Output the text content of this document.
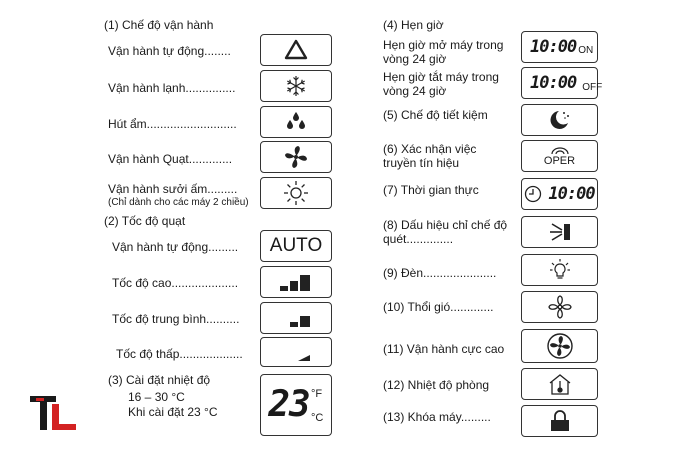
(1) Chế độ vận hành
Vận hành tự động........
Vận hành lạnh...............
Hút ẩm...........................
Vận hành Quạt.............
Vận hành sưởi ấm.........
(Chỉ dành cho các máy 2 chiều)
(2) Tốc độ quạt
Vận hành tự động......... AUTO
Tốc độ cao....................
Tốc độ trung bình..........
Tốc độ thấp...................
(3) Cài đặt nhiệt độ
16 – 30 °C
Khi cài đặt 23 °C 23 °F
°C
(4) Hẹn giờ
Hẹn giờ mở máy trong vòng 24 giờ
10:00 ON
Hẹn giờ tắt máy trong vòng 24 giờ	10:00 OFF
(5) Chế độ tiết kiệm
(6) Xác nhận việc truyền tín hiệu	OPER
(7) Thời gian thực	10:00
(8) Dấu hiệu chỉ chế độ quét..............
(9) Đèn......................
(10) Thổi gió.............
(11) Vận hành cực cao
(12) Nhiệt độ phòng
(13) Khóa máy.........
